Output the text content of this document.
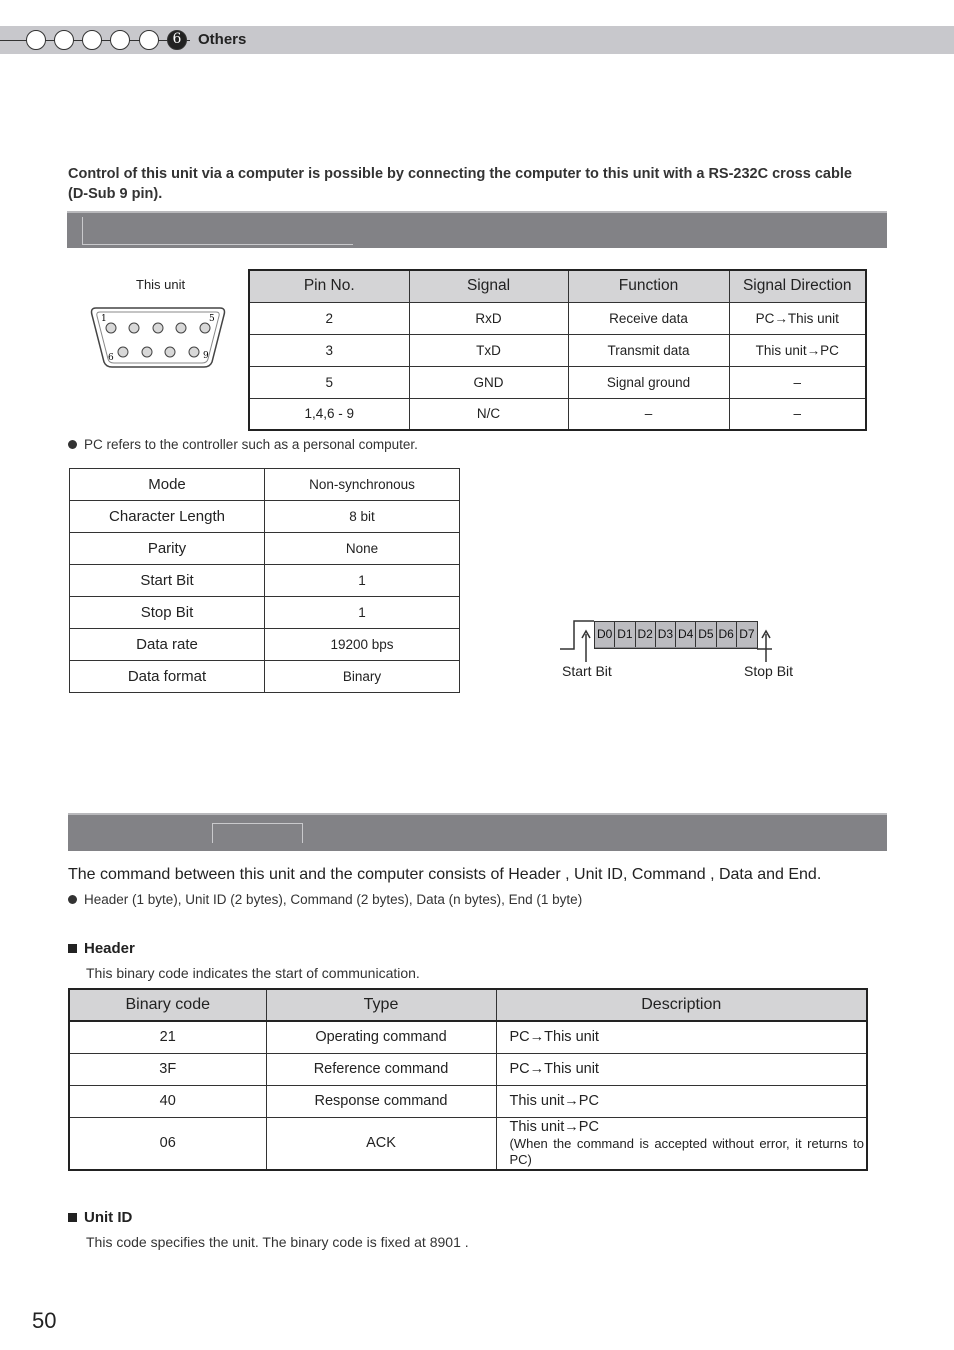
6	Others
Control of this unit via a computer is possible by connecting the computer to this unit with a RS-232C cross cable (D-Sub 9 pin).
This unit
1	5
6	9
Pin No.	Signal	Function	Signal Direction
2	RxD	Receive data	PC→This unit
3	TxD	Transmit data	This unit→PC
5	GND	Signal ground	–
1,4,6 - 9	N/C	–	–
PC refers to the controller such as a personal computer.
Mode	Non-synchronous
Character Length	8 bit
Parity	None
Start Bit	1
Stop Bit	1
Data rate	19200 bps
Data format	Binary
D0 D1 D2 D3 D4 D5 D6 D7
Start Bit	Stop Bit
The command between this unit and the computer consists of Header , Unit ID, Command , Data and End.
Header (1 byte), Unit ID (2 bytes), Command (2 bytes), Data (n bytes), End (1 byte)
Header
This binary code indicates the start of communication.
Binary code	Type	Description
21	Operating command	PC→This unit
3F	Reference command	PC→This unit
40	Response command	This unit→PC
06	ACK	This unit→PC
(When the command is accepted without error, it returns to PC)
Unit ID
This code specifies the unit. The binary code is fixed at 8901 .
50
